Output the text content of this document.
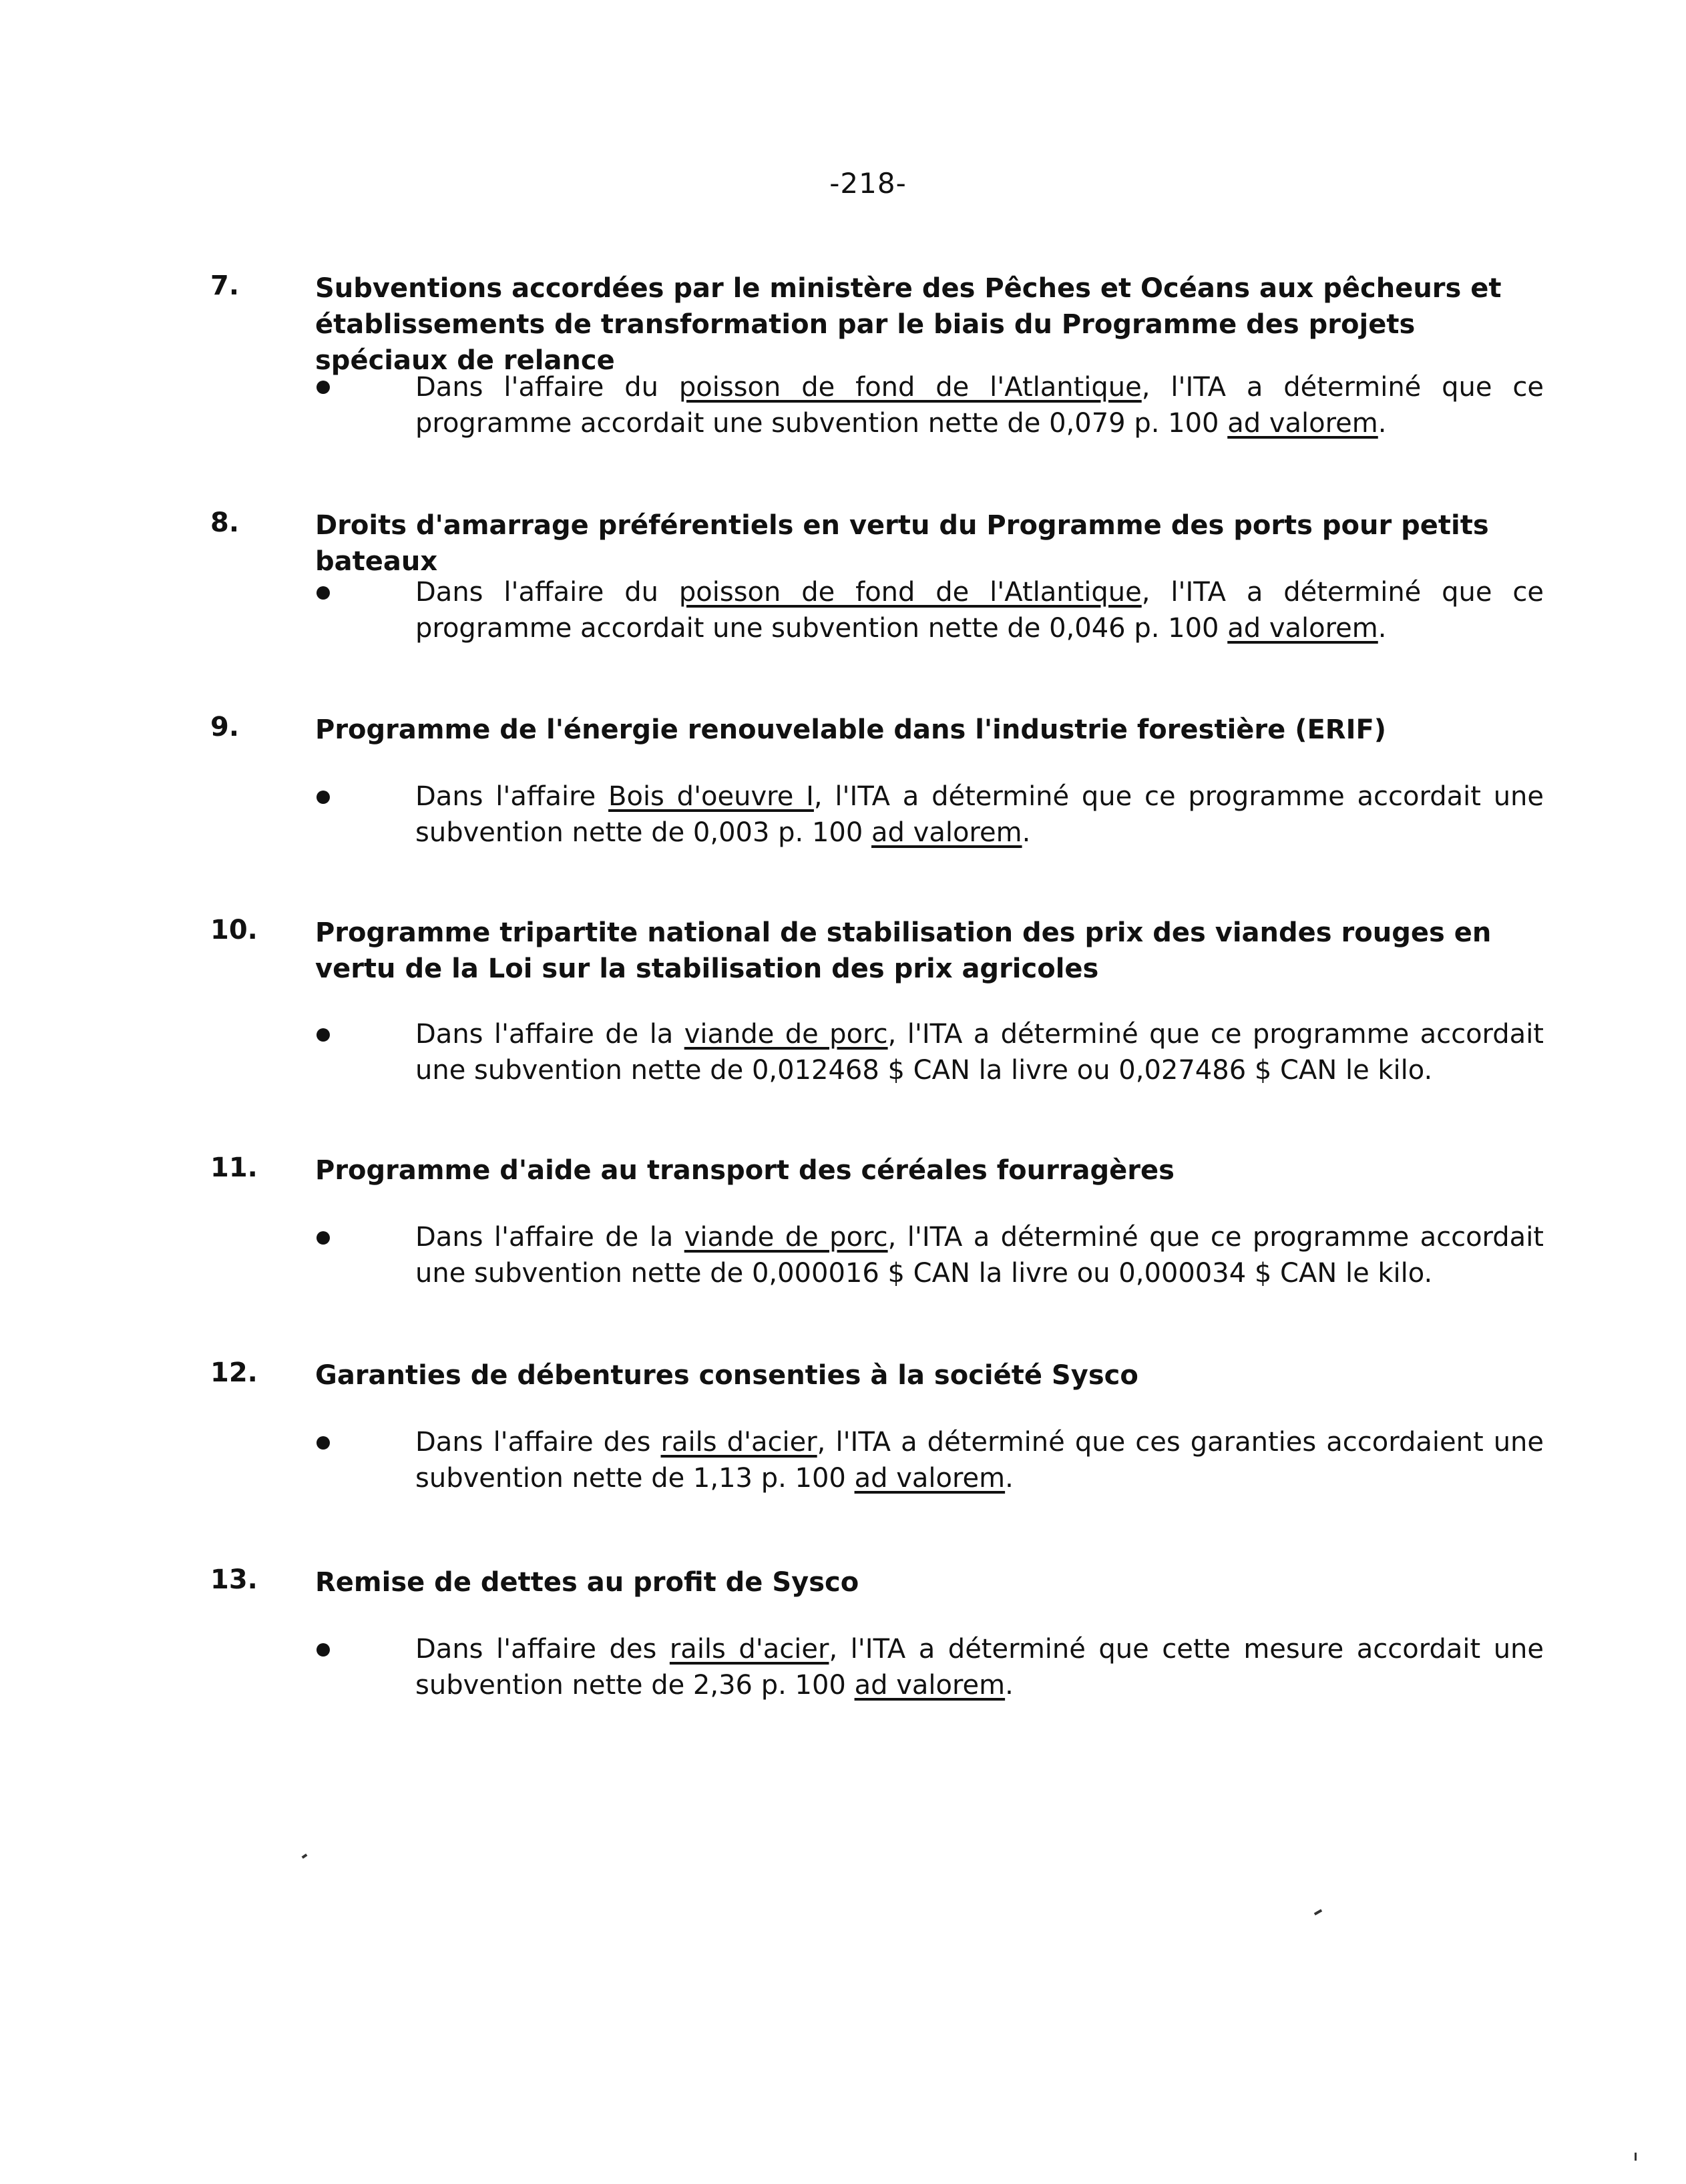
-218-
7.	Subventions accordées par le ministère des Pêches et Océans aux pêcheurs et établissements de transformation par le biais du Programme des projets spéciaux de relance
Dans l'affaire du poisson de fond de l'Atlantique, l'ITA a déterminé que ce programme accordait une subvention nette de 0,079 p. 100 ad valorem.
8.	Droits d'amarrage préférentiels en vertu du Programme des ports pour petits bateaux
Dans l'affaire du poisson de fond de l'Atlantique, l'ITA a déterminé que ce programme accordait une subvention nette de 0,046 p. 100 ad valorem.
9.	Programme de l'énergie renouvelable dans l'industrie forestière (ERIF)
Dans l'affaire Bois d'oeuvre I, l'ITA a déterminé que ce programme accordait une subvention nette de 0,003 p. 100 ad valorem.
10. Programme tripartite national de stabilisation des prix des viandes rouges en vertu de la Loi sur la stabilisation des prix agricoles
Dans l'affaire de la viande de porc, l'ITA a déterminé que ce programme accordait une subvention nette de 0,012468 $ CAN la livre ou 0,027486 $ CAN le kilo.
11. Programme d'aide au transport des céréales fourragères
Dans l'affaire de la viande de porc, l'ITA a déterminé que ce programme accordait une subvention nette de 0,000016 $ CAN la livre ou 0,000034 $ CAN le kilo.
12. Garanties de débentures consenties à la société Sysco
Dans l'affaire des rails d'acier, l'ITA a déterminé que ces garanties accordaient une subvention nette de 1,13 p. 100 ad valorem.
13. Remise de dettes au profit de Sysco
Dans l'affaire des rails d'acier, l'ITA a déterminé que cette mesure accordait une subvention nette de 2,36 p. 100 ad valorem.
